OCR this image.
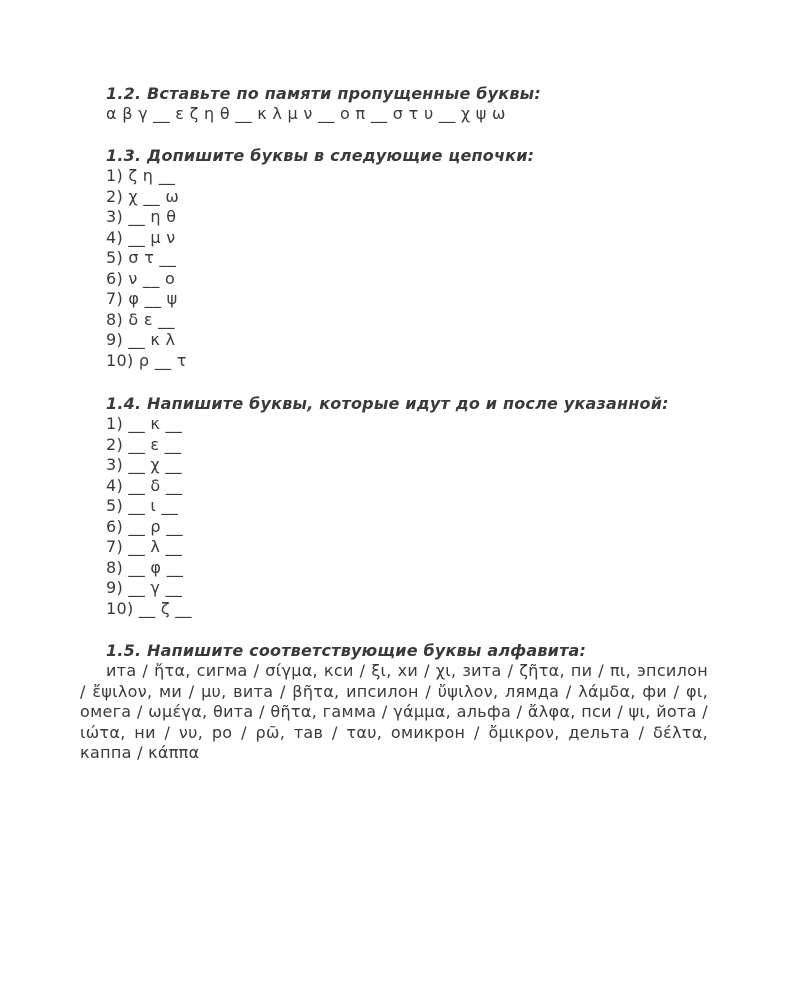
1.2. Вставьте по памяти пропущенные буквы:
α β γ __ ε ζ η θ __ κ λ μ ν __ ο π __ σ τ υ __ χ ψ ω
1.3. Допишите буквы в следующие цепочки:
1) ζ η __
2) χ __ ω
3) __ η θ
4) __ μ ν
5) σ τ __
6) ν __ ο
7) φ __ ψ
8) δ ε __
9) __ κ λ
10) ρ __ τ
1.4. Напишите буквы, которые идут до и после указанной:
1) __ κ __
2) __ ε __
3) __ χ __
4) __ δ __
5) __ ι __
6) __ ρ __
7) __ λ __
8) __ φ __
9) __ γ __
10) __ ζ __
1.5. Напишите соответствующие буквы алфавита:
ита / ἤτα, сигма / σίγμα, кси / ξι, хи / χι, зита / ζῆτα, пи / πι, эпсилон / ἔψιλον, ми / μυ, вита / βῆτα, ипсилон / ὔψιλον, лямда / λάμδα, фи / φι, омега / ωμέγα, θита / θῆτα, гамма / γάμμα, альфа / ἄλφα, пси / ψι, йота / ιώτα, ни / νυ, ро / ρῶ, тав / ταυ, омикрон / ὄμικρον, дельта / δέλτα, каппа / κάππα
